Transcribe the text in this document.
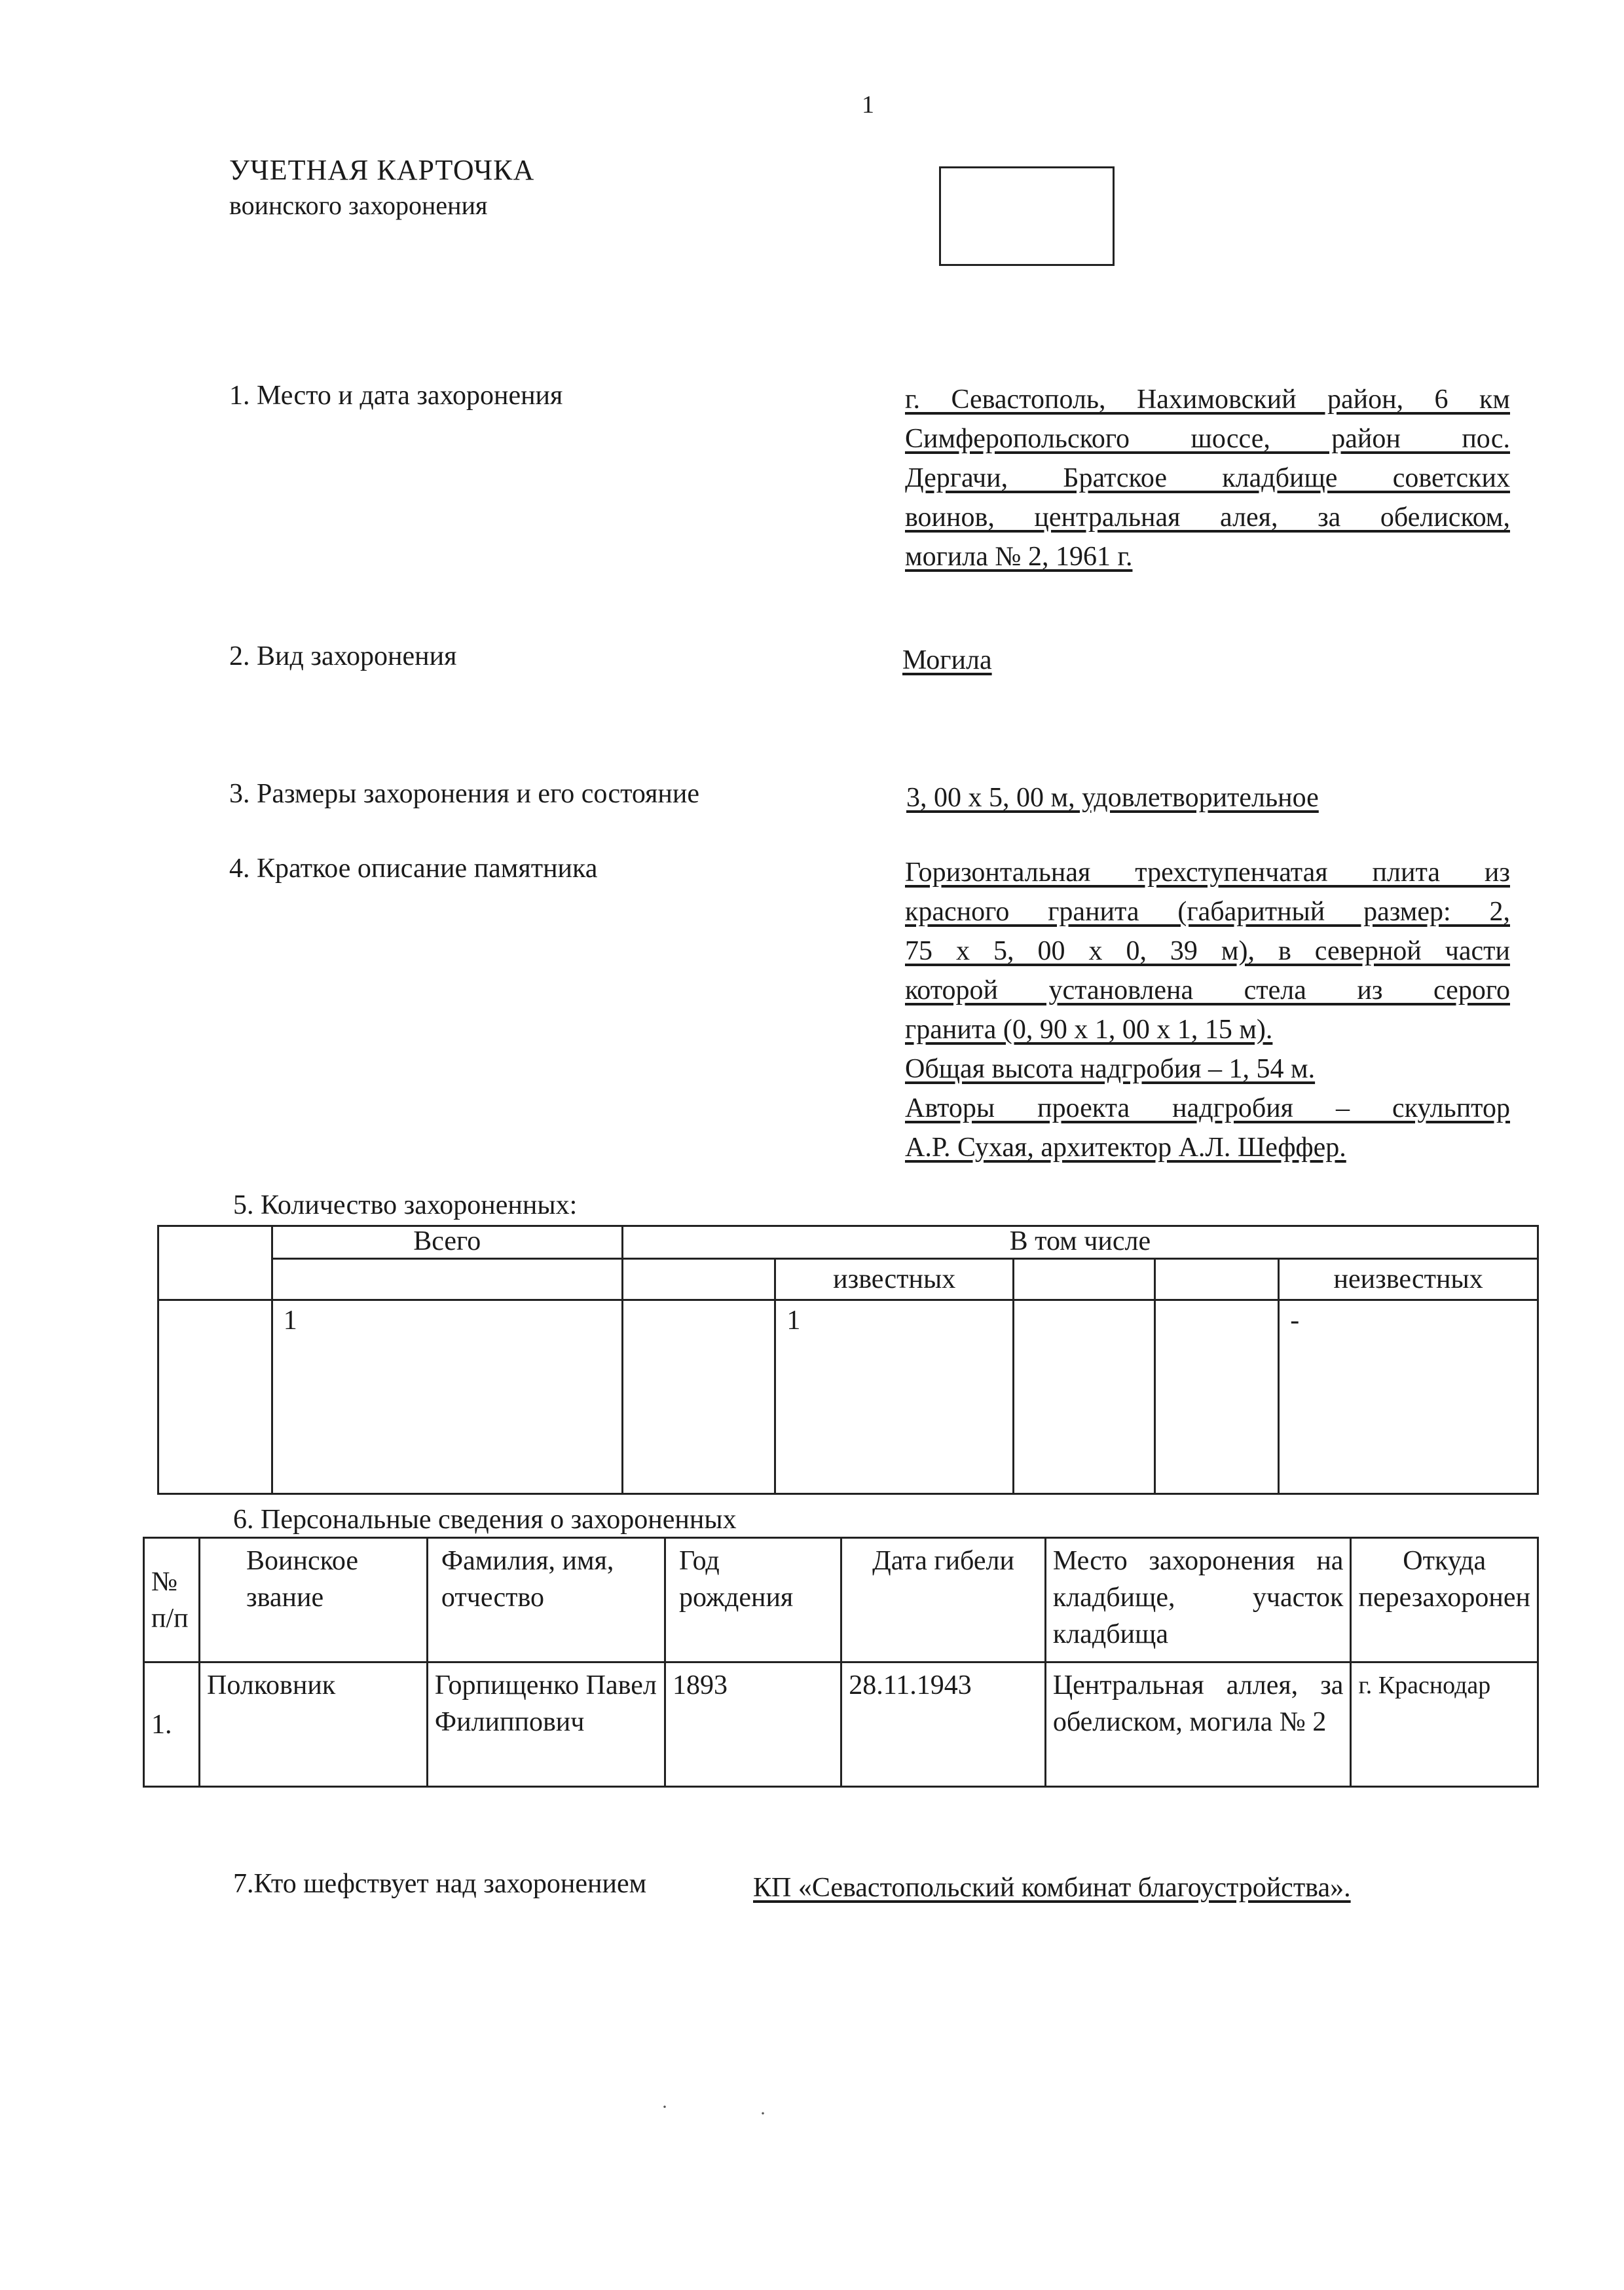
1
УЧЕТНАЯ КАРТОЧКА
воинского захоронения
1. Место и дата захоронения	г. Севастополь, Нахимовский район, 6 км
Симферопольского шоссе, район пос.
Дергачи, Братское кладбище советских
воинов, центральная алея, за обелиском,
могила № 2, 1961 г.
2. Вид захоронения	Могила
3. Размеры захоронения и его состояние	3, 00 х 5, 00 м, удовлетворительное
4. Краткое описание памятника	Горизонтальная трехступенчатая плита из
красного гранита (габаритный размер: 2,
75 х 5, 00 х 0, 39 м), в северной части
которой установлена стела из серого
гранита (0, 90 х 1, 00 х 1, 15 м).
Общая высота надгробия – 1, 54 м.
Авторы проекта надгробия – скульптор
А.Р. Сухая, архитектор А.Л. Шеффер.
5. Количество захороненных:
	Всего	В том числе				
			известных			неизвестных
	1		1			-
6. Персональные сведения о захороненных
№ п/п	Воинское звание	Фамилия, имя, отчество	Год рождения	Дата гибели	Место захоронения на кладбище, участок кладбища	Откуда перезахоронен
1.	Полковник	Горпищенко Павел Филиппович	1893	28.11.1943	Центральная аллея, за обелиском, могила № 2	г. Краснодар
7.Кто шефствует над захоронением	КП «Севастопольский комбинат благоустройства».
·	·
